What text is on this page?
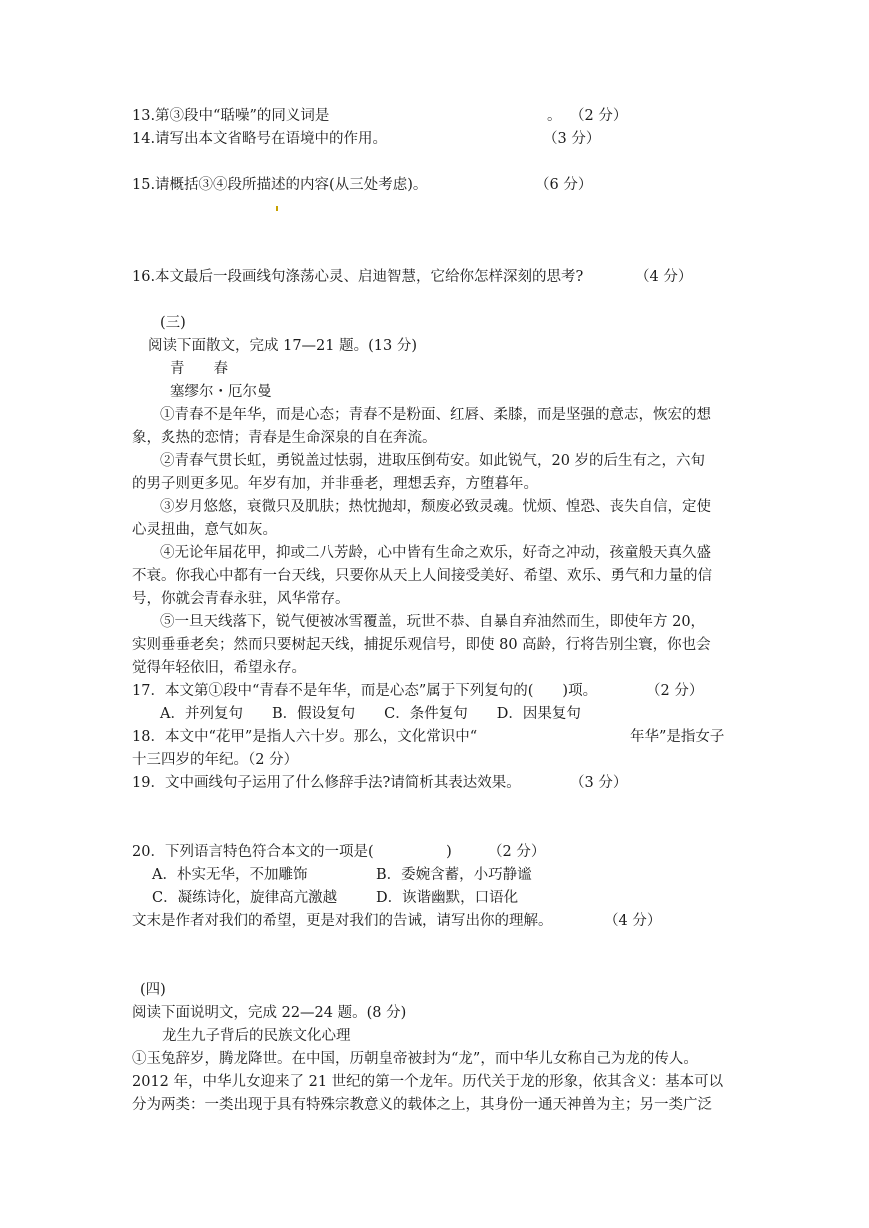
13.第③段中“聒噪”的同义词是	。 （2 分）
14.请写出本文省略号在语境中的作用。	（3 分）
15.请概括③④段所描述的内容(从三处考虑)。	（6 分）
16.本文最后一段画线句涤荡心灵、启迪智慧，它给你怎样深刻的思考?	（4 分）
(三)
阅读下面散文，完成 17—21 题。(13 分)
青　　春
塞缪尔・厄尔曼
①青春不是年华，而是心态；青春不是粉面、红唇、柔膝，而是坚强的意志，恢宏的想
象，炙热的恋情；青春是生命深泉的自在奔流。
②青春气贯长虹，勇锐盖过怯弱，进取压倒苟安。如此锐气，20 岁的后生有之，六旬
的男子则更多见。年岁有加，并非垂老，理想丢弃，方堕暮年。
③岁月悠悠，衰微只及肌肤；热忱抛却，颓废必致灵魂。忧烦、惶恐、丧失自信，定使
心灵扭曲，意气如灰。
④无论年届花甲，抑或二八芳龄，心中皆有生命之欢乐，好奇之冲动，孩童般天真久盛
不衰。你我心中都有一台天线，只要你从天上人间接受美好、希望、欢乐、勇气和力量的信
号，你就会青春永驻，风华常存。
⑤一旦天线落下，锐气便被冰雪覆盖，玩世不恭、自暴自弃油然而生，即使年方 20，
实则垂垂老矣；然而只要树起天线，捕捉乐观信号，即使 80 高龄，行将告别尘寰，你也会
觉得年轻依旧，希望永存。
17．本文第①段中“青春不是年华，而是心态”属于下列复句的(　　)项。	（2 分）
A．并列复句　　B．假设复句　　C．条件复句　　D．因果复句
18．本文中“花甲”是指人六十岁。那么，文化常识中“	年华”是指女子
十三四岁的年纪。（2 分）
19．文中画线句子运用了什么修辞手法?请简析其表达效果。	（3 分）
20．下列语言特色符合本文的一项是(　　　　　) （2 分）
A．朴实无华，不加雕饰	B．委婉含蓄，小巧静谧
C．凝练诗化，旋律高亢激越	D．诙谐幽默，口语化
文末是作者对我们的希望，更是对我们的告诫，请写出你的理解。	（4 分）
(四)
阅读下面说明文，完成 22—24 题。(8 分)
龙生九子背后的民族文化心理
①玉兔辞岁，腾龙降世。在中国，历朝皇帝被封为“龙”，而中华儿女称自己为龙的传人。
2012 年，中华儿女迎来了 21 世纪的第一个龙年。历代关于龙的形象，依其含义：基本可以
分为两类：一类出现于具有特殊宗教意义的载体之上，其身份一通天神兽为主；另一类广泛
